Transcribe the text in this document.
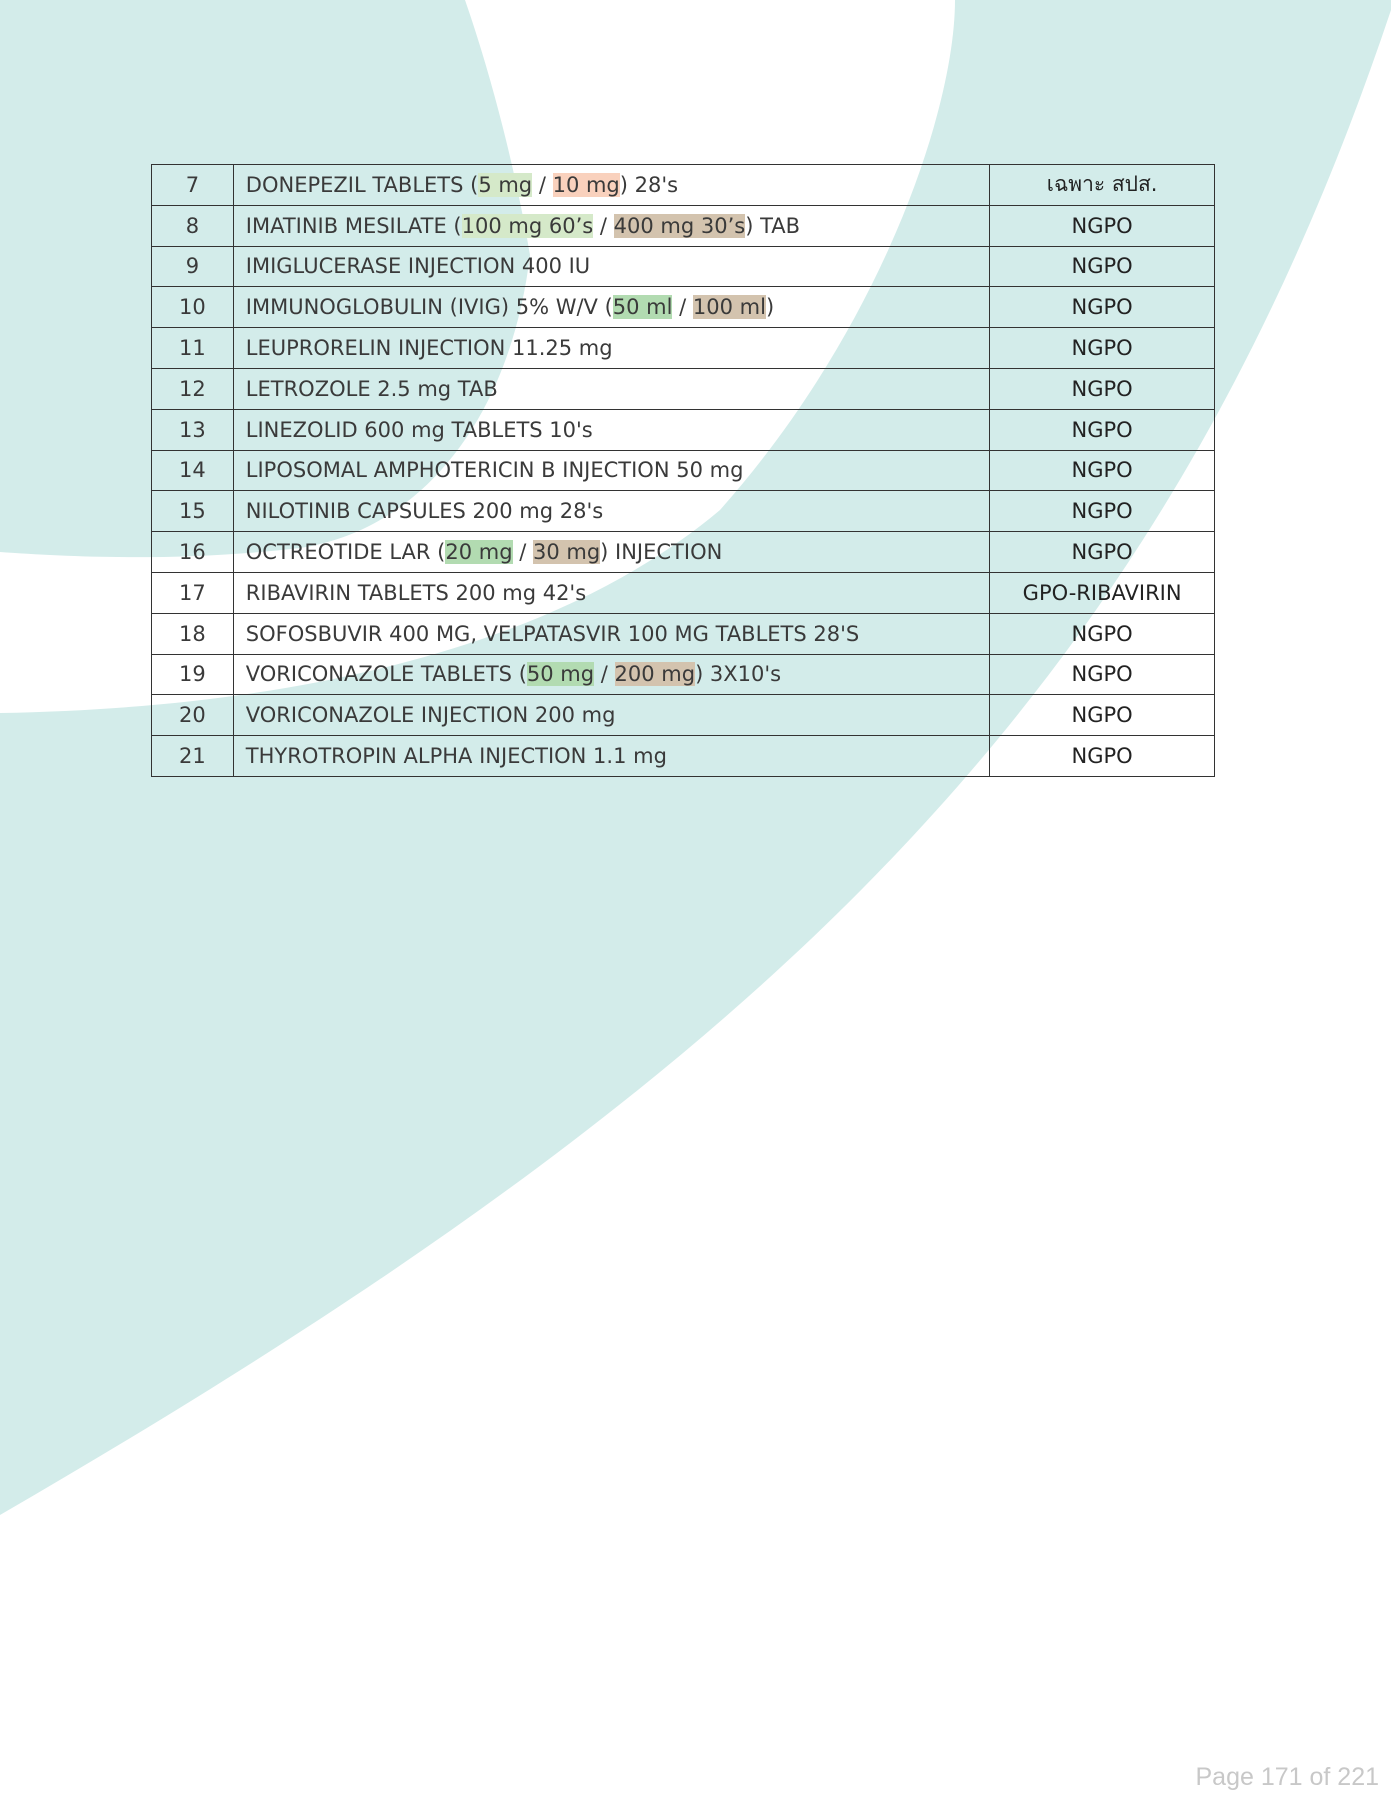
7	DONEPEZIL TABLETS (5 mg / 10 mg) 28's	เฉพาะ สปส.
8	IMATINIB MESILATE (100 mg 60’s / 400 mg 30’s) TAB	NGPO
9	IMIGLUCERASE INJECTION 400 IU	NGPO
10	IMMUNOGLOBULIN (IVIG) 5% W/V (50 ml / 100 ml)	NGPO
11	LEUPRORELIN INJECTION 11.25 mg	NGPO
12	LETROZOLE 2.5 mg TAB	NGPO
13	LINEZOLID 600 mg TABLETS 10's	NGPO
14	LIPOSOMAL AMPHOTERICIN B INJECTION 50 mg	NGPO
15	NILOTINIB CAPSULES 200 mg 28's	NGPO
16	OCTREOTIDE LAR (20 mg / 30 mg) INJECTION	NGPO
17	RIBAVIRIN TABLETS 200 mg 42's	GPO-RIBAVIRIN
18	SOFOSBUVIR 400 MG, VELPATASVIR 100 MG TABLETS 28'S	NGPO
19	VORICONAZOLE TABLETS (50 mg / 200 mg) 3X10's	NGPO
20	VORICONAZOLE INJECTION 200 mg	NGPO
21	THYROTROPIN ALPHA INJECTION 1.1 mg	NGPO
Page 171 of 221
